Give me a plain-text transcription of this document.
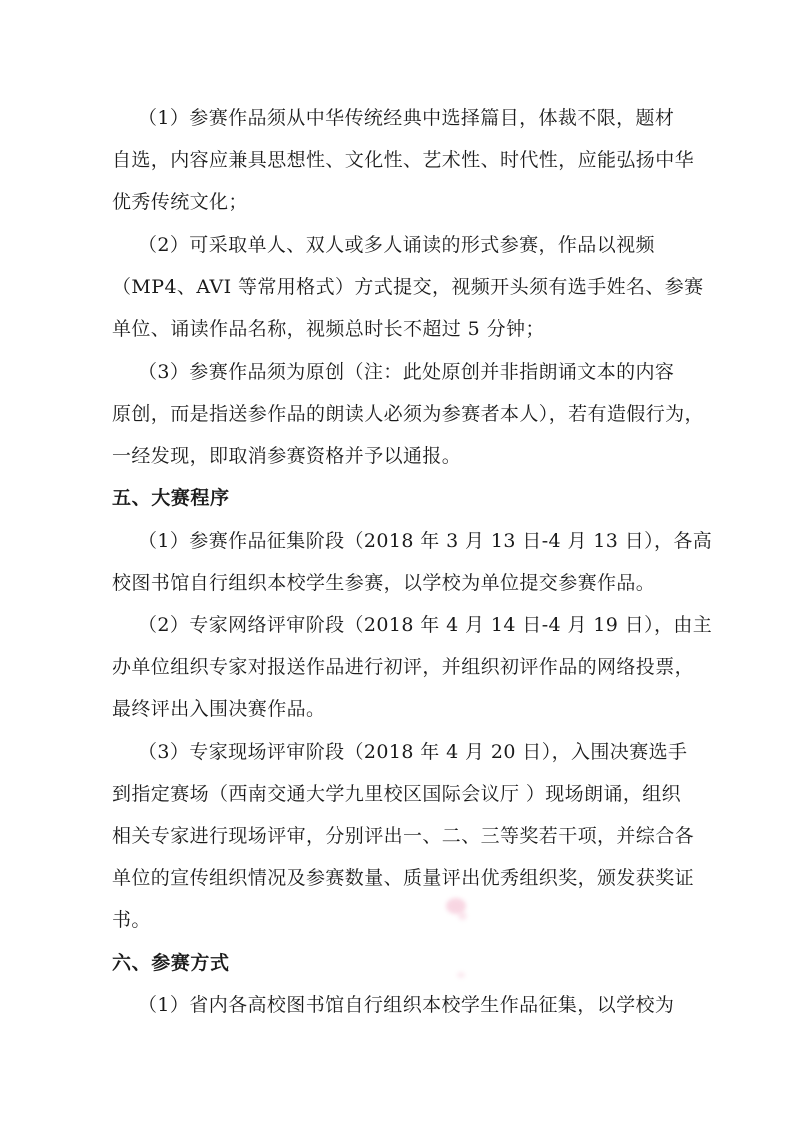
（1）参赛作品须从中华传统经典中选择篇目，体裁不限，题材
自选，内容应兼具思想性、文化性、艺术性、时代性，应能弘扬中华
优秀传统文化；
（2）可采取单人、双人或多人诵读的形式参赛，作品以视频
（MP4、AVI 等常用格式）方式提交，视频开头须有选手姓名、参赛
单位、诵读作品名称，视频总时长不超过 5 分钟；
（3）参赛作品须为原创（注：此处原创并非指朗诵文本的内容
原创，而是指送参作品的朗读人必须为参赛者本人），若有造假行为，
一经发现，即取消参赛资格并予以通报。
五、大赛程序
（1）参赛作品征集阶段（2018 年 3 月 13 日-4 月 13 日），各高
校图书馆自行组织本校学生参赛，以学校为单位提交参赛作品。
（2）专家网络评审阶段（2018 年 4 月 14 日-4 月 19 日），由主
办单位组织专家对报送作品进行初评，并组织初评作品的网络投票，
最终评出入围决赛作品。
（3）专家现场评审阶段（2018 年 4 月 20 日），入围决赛选手
到指定赛场（西南交通大学九里校区国际会议厅 ）现场朗诵，组织
相关专家进行现场评审，分别评出一、二、三等奖若干项，并综合各
单位的宣传组织情况及参赛数量、质量评出优秀组织奖，颁发获奖证
书。
六、参赛方式
（1）省内各高校图书馆自行组织本校学生作品征集，以学校为
